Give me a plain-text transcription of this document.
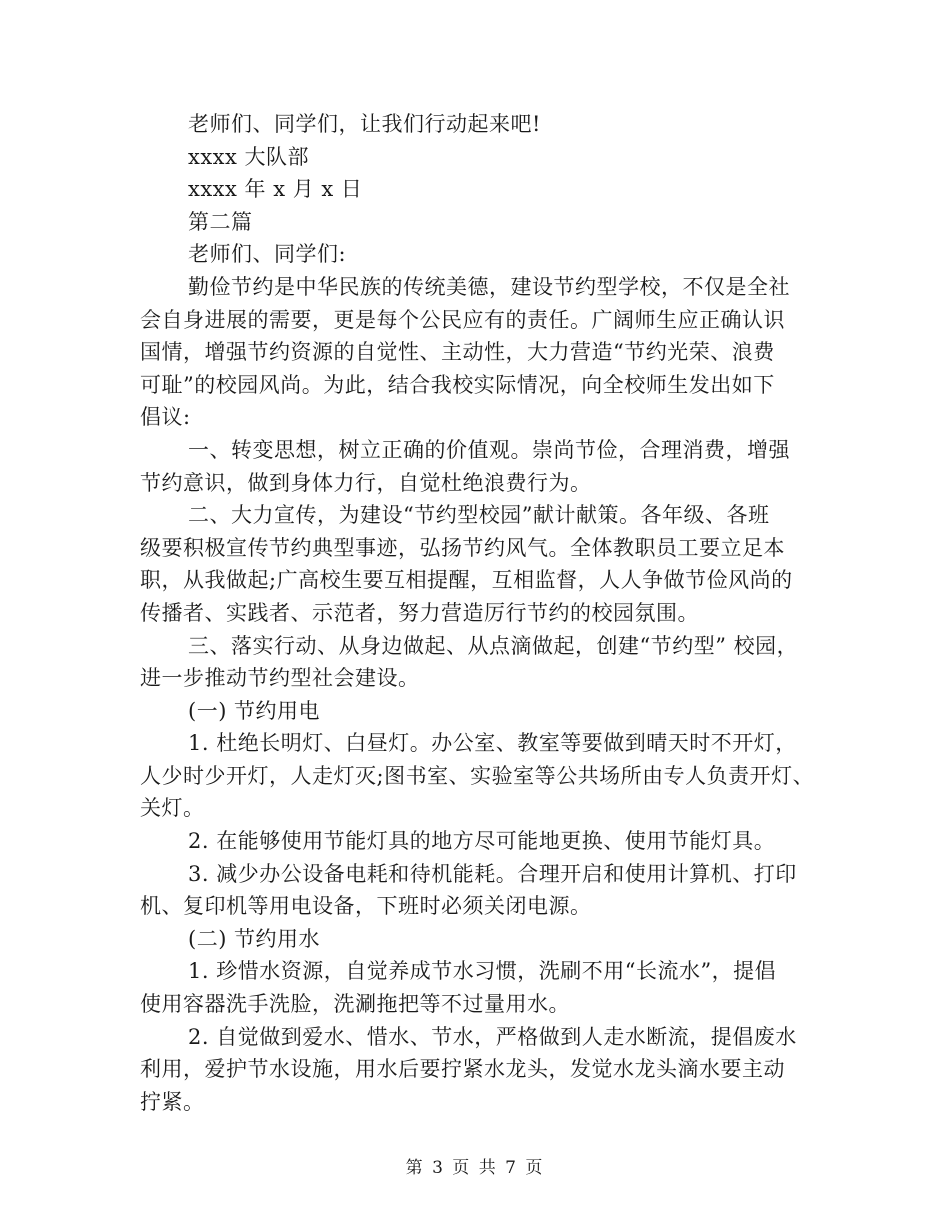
老师们、同学们，让我们行动起来吧!
xxxx 大队部
xxxx 年 x 月 x 日
第二篇
老师们、同学们:
勤俭节约是中华民族的传统美德，建设节约型学校，不仅是全社
会自身进展的需要，更是每个公民应有的责任。广阔师生应正确认识
国情，增强节约资源的自觉性、主动性，大力营造“节约光荣、浪费
可耻”的校园风尚。为此，结合我校实际情况，向全校师生发出如下
倡议:
一、转变思想，树立正确的价值观。崇尚节俭，合理消费，增强
节约意识，做到身体力行，自觉杜绝浪费行为。
二、大力宣传，为建设“节约型校园”献计献策。各年级、各班
级要积极宣传节约典型事迹，弘扬节约风气。全体教职员工要立足本
职，从我做起;广高校生要互相提醒，互相监督，人人争做节俭风尚的
传播者、实践者、示范者，努力营造厉行节约的校园氛围。
三、落实行动、从身边做起、从点滴做起，创建“节约型” 校园，
进一步推动节约型社会建设。
(一) 节约用电
1. 杜绝长明灯、白昼灯。办公室、教室等要做到晴天时不开灯，
人少时少开灯，人走灯灭;图书室、实验室等公共场所由专人负责开灯、
关灯。
2. 在能够使用节能灯具的地方尽可能地更换、使用节能灯具。
3. 减少办公设备电耗和待机能耗。合理开启和使用计算机、打印
机、复印机等用电设备，下班时必须关闭电源。
(二) 节约用水
1. 珍惜水资源，自觉养成节水习惯，洗刷不用“长流水”，提倡
使用容器洗手洗脸，洗涮拖把等不过量用水。
2. 自觉做到爱水、惜水、节水，严格做到人走水断流，提倡废水
利用，爱护节水设施，用水后要拧紧水龙头，发觉水龙头滴水要主动
拧紧。
第 3 页 共 7 页
